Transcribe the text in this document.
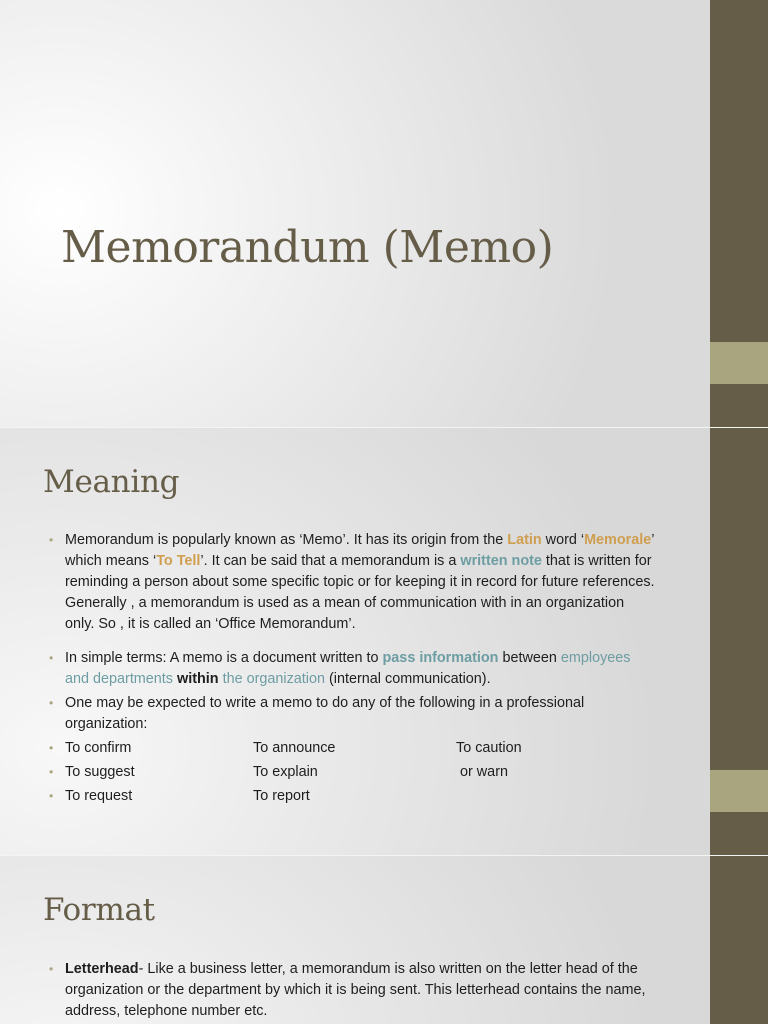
Memorandum (Memo)
Meaning
• Memorandum is popularly known as ‘Memo’. It has its origin from the Latin word ‘Memorale’ which means ‘To Tell’. It can be said that a memorandum is a written note that is written for reminding a person about some specific topic or for keeping it in record for future references. Generally , a memorandum is used as a mean of communication with in an organization only. So , it is called an ‘Office Memorandum’.
• In simple terms: A memo is a document written to pass information between employees and departments within the organization (internal communication).
• One may be expected to write a memo to do any of the following in a professional organization:
• To confirm	To announce	To caution
• To suggest	To explain	or warn
• To request	To report
Format
• Letterhead- Like a business letter, a memorandum is also written on the letter head of the organization or the department by which it is being sent. This letterhead contains the name, address, telephone number etc.
